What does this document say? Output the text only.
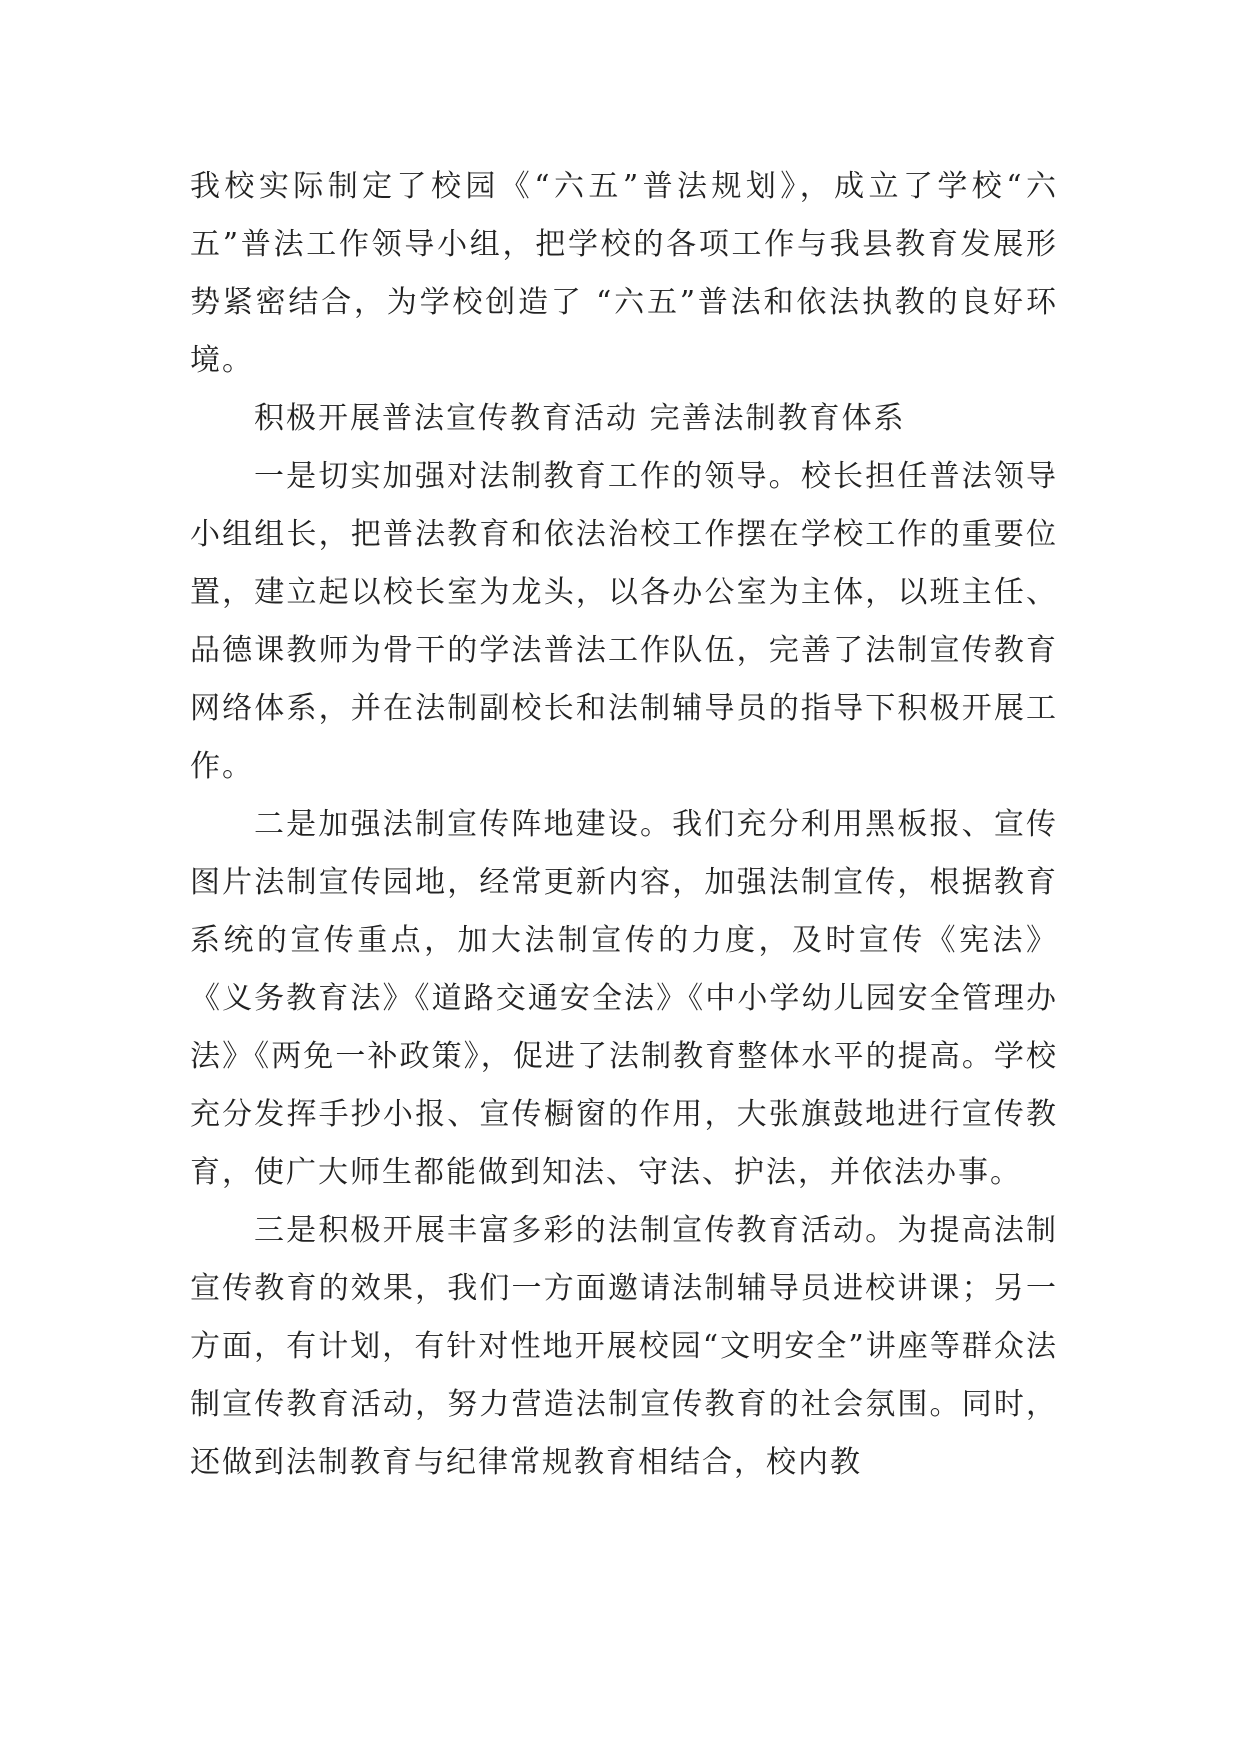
我校实际制定了校园《“六五”普法规划》，成立了学校“六五”普法工作领导小组，把学校的各项工作与我县教育发展形势紧密结合，为学校创造了 “六五”普法和依法执教的良好环境。

积极开展普法宣传教育活动 完善法制教育体系

一是切实加强对法制教育工作的领导。校长担任普法领导小组组长，把普法教育和依法治校工作摆在学校工作的重要位置，建立起以校长室为龙头，以各办公室为主体，以班主任、品德课教师为骨干的学法普法工作队伍，完善了法制宣传教育网络体系，并在法制副校长和法制辅导员的指导下积极开展工作。

二是加强法制宣传阵地建设。我们充分利用黑板报、宣传图片法制宣传园地，经常更新内容，加强法制宣传，根据教育系统的宣传重点，加大法制宣传的力度，及时宣传《宪法》《义务教育法》《道路交通安全法》《中小学幼儿园安全管理办法》《两免一补政策》，促进了法制教育整体水平的提高。学校充分发挥手抄小报、宣传橱窗的作用，大张旗鼓地进行宣传教育，使广大师生都能做到知法、守法、护法，并依法办事。

三是积极开展丰富多彩的法制宣传教育活动。为提高法制宣传教育的效果，我们一方面邀请法制辅导员进校讲课；另一方面，有计划，有针对性地开展校园“文明安全”讲座等群众法制宣传教育活动，努力营造法制宣传教育的社会氛围。同时，还做到法制教育与纪律常规教育相结合，校内教
